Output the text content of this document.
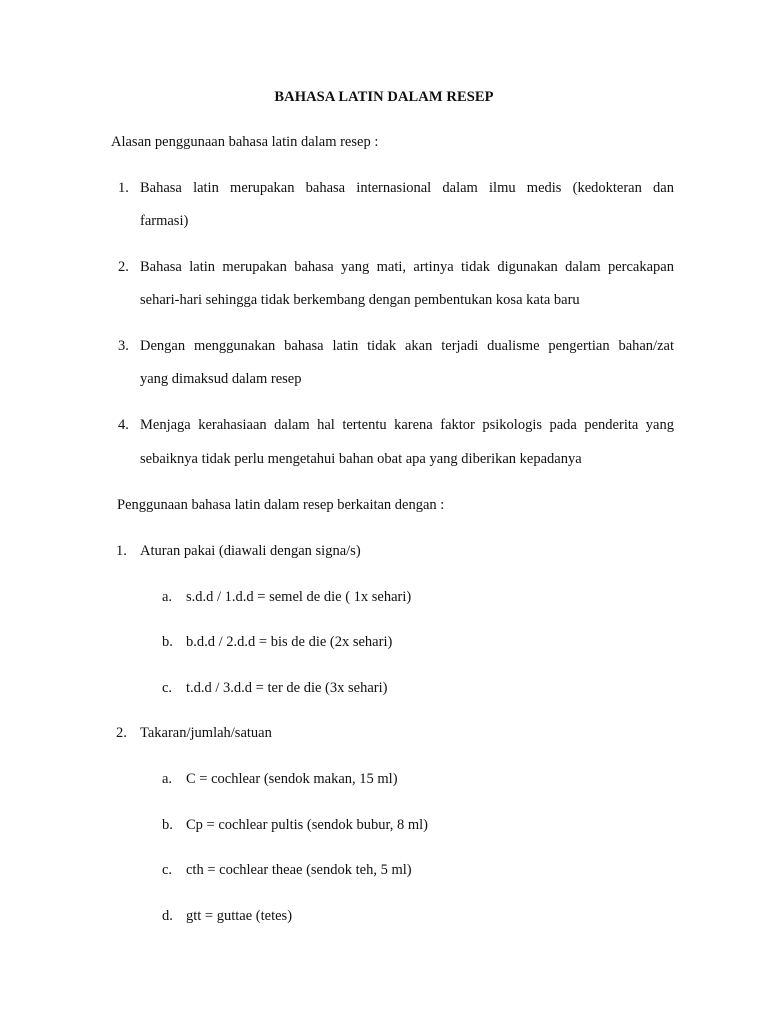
BAHASA LATIN DALAM RESEP
Alasan penggunaan bahasa latin dalam resep :
1. Bahasa latin merupakan bahasa internasional dalam ilmu medis (kedokteran dan
farmasi)
2. Bahasa latin merupakan bahasa yang mati, artinya tidak digunakan dalam percakapan
sehari-hari sehingga tidak berkembang dengan pembentukan kosa kata baru
3. Dengan menggunakan bahasa latin tidak akan terjadi dualisme pengertian bahan/zat
yang dimaksud dalam resep
4. Menjaga kerahasiaan dalam hal tertentu karena faktor psikologis pada penderita yang
sebaiknya tidak perlu mengetahui bahan obat apa yang diberikan kepadanya
Penggunaan bahasa latin dalam resep berkaitan dengan :
1. Aturan pakai (diawali dengan signa/s)
a. s.d.d / 1.d.d = semel de die ( 1x sehari)
b. b.d.d / 2.d.d = bis de die (2x sehari)
c. t.d.d / 3.d.d = ter de die (3x sehari)
2. Takaran/jumlah/satuan
a. C = cochlear (sendok makan, 15 ml)
b. Cp = cochlear pultis (sendok bubur, 8 ml)
c. cth = cochlear theae (sendok teh, 5 ml)
d. gtt = guttae (tetes)
